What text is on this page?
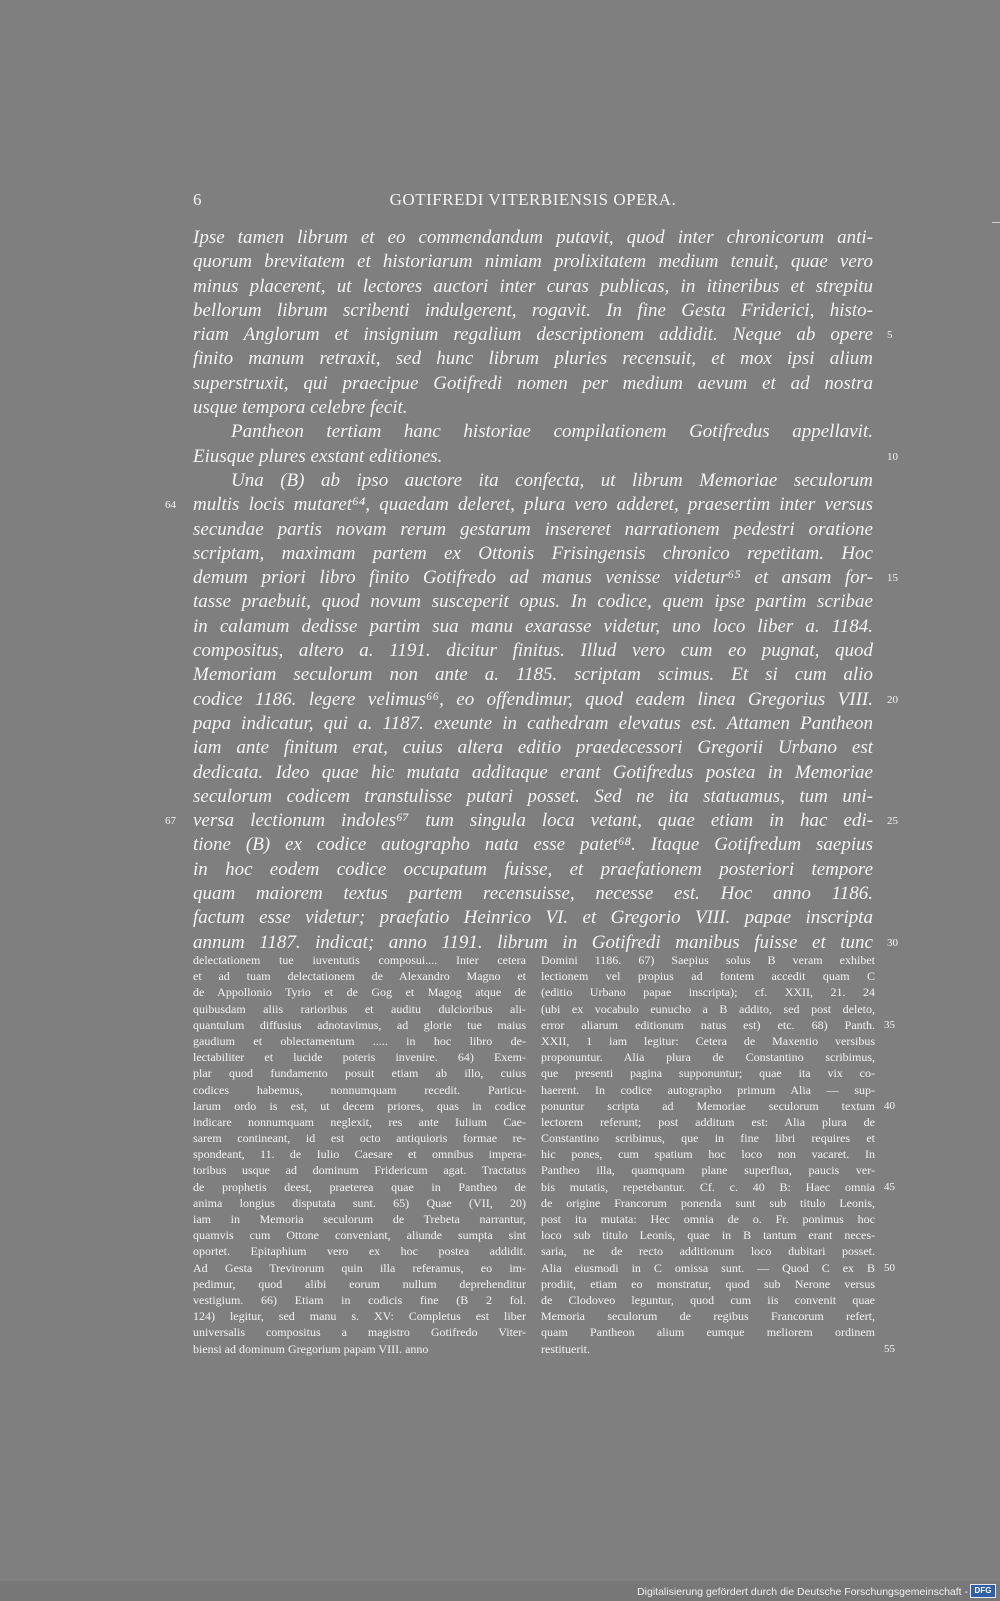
6	GOTIFREDI VITERBIENSIS OPERA.
Ipse tamen librum et eo commendandum putavit, quod inter chronicorum anti-
quorum brevitatem et historiarum nimiam prolixitatem medium tenuit, quae vero
minus placerent, ut lectores auctori inter curas publicas, in itineribus et strepitu
bellorum librum scribenti indulgerent, rogavit. In fine Gesta Friderici, histo-
riam Anglorum et insignium regalium descriptionem addidit. Neque ab opere 5
finito manum retraxit, sed hunc librum pluries recensuit, et mox ipsi alium
superstruxit, qui praecipue Gotifredi nomen per medium aevum et ad nostra
usque tempora celebre fecit.
Pantheon tertiam hanc historiae compilationem Gotifredus appellavit.
Eiusque plures exstant editiones.	10
Una (B) ab ipso auctore ita confecta, ut librum Memoriae seculorum
multis locis mutaret⁶⁴, quaedam deleret, plura vero adderet, praesertim inter versus
64
secundae partis novam rerum gestarum insereret narrationem pedestri oratione
scriptam, maximam partem ex Ottonis Frisingensis chronico repetitam. Hoc
demum priori libro finito Gotifredo ad manus venisse videtur⁶⁵ et ansam for- 15
tasse praebuit, quod novum susceperit opus. In codice, quem ipse partim scribae
in calamum dedisse partim sua manu exarasse videtur, uno loco liber a. 1184.
compositus, altero a. 1191. dicitur finitus. Illud vero cum eo pugnat, quod
Memoriam seculorum non ante a. 1185. scriptam scimus. Et si cum alio
codice 1186. legere velimus⁶⁶, eo offendimur, quod eadem linea Gregorius VIII. 20
papa indicatur, qui a. 1187. exeunte in cathedram elevatus est. Attamen Pantheon
iam ante finitum erat, cuius altera editio praedecessori Gregorii Urbano est
dedicata. Ideo quae hic mutata additaque erant Gotifredus postea in Memoriae
seculorum codicem transtulisse putari posset. Sed ne ita statuamus, tum uni-
versa lectionum indoles⁶⁷ tum singula loca vetant, quae etiam in hac edi- 25
67
tione (B) ex codice autographo nata esse patet⁶⁸. Itaque Gotifredum saepius
in hoc eodem codice occupatum fuisse, et praefationem posteriori tempore
quam maiorem textus partem recensuisse, necesse est. Hoc anno 1186.
factum esse videtur; praefatio Heinrico VI. et Gregorio VIII. papae inscripta
annum 1187. indicat; anno 1191. librum in Gotifredi manibus fuisse et tunc 30
delectationem tue iuventutis composui.... Inter cetera
et ad tuam delectationem de Alexandro Magno et
de Appollonio Tyrio et de Gog et Magog atque de
quibusdam aliis rarioribus et auditu dulcioribus ali-
quantulum diffusius adnotavimus, ad glorie tue maius
gaudium et oblectamentum ..... in hoc libro de-
lectabiliter et lucide poteris invenire. 64) Exem-
plar quod fundamento posuit etiam ab illo, cuius
codices habemus, nonnumquam recedit. Particu-
larum ordo is est, ut decem priores, quas in codice
indicare nonnumquam neglexit, res ante Iulium Cae-
sarem contineant, id est octo antiquioris formae re-
spondeant, 11. de Iulio Caesare et omnibus impera-
toribus usque ad dominum Fridericum agat. Tractatus
de prophetis deest, praeterea quae in Pantheo de
anima longius disputata sunt. 65) Quae (VII, 20)
iam in Memoria seculorum de Trebeta narrantur,
quamvis cum Ottone conveniant, aliunde sumpta sint
oportet. Epitaphium vero ex hoc postea addidit.
Ad Gesta Trevirorum quin illa referamus, eo im-
pedimur, quod alibi eorum nullum deprehenditur
vestigium. 66) Etiam in codicis fine (B 2 fol.
124) legitur, sed manu s. XV: Completus est liber
universalis compositus a magistro Gotifredo Viter-
biensi ad dominum Gregorium papam VIII. anno
Domini 1186. 67) Saepius solus B veram exhibet
lectionem vel propius ad fontem accedit quam C
(editio Urbano papae inscripta); cf. XXII, 21. 24
(ubi ex vocabulo eunucho a B addito, sed post deleto,
error aliarum editionum natus est) etc. 68) Panth.
XXII, 1 iam legitur: Cetera de Maxentio versibus
proponuntur. Alia plura de Constantino scribimus,
que presenti pagina supponuntur; quae ita vix co-
haerent. In codice autographo primum Alia — sup-
ponuntur scripta ad Memoriae seculorum textum
lectorem referunt; post additum est: Alia plura de
Constantino scribimus, que in fine libri requires et
hic pones, cum spatium hoc loco non vacaret. In
Pantheo illa, quamquam plane superflua, paucis ver-
bis mutatis, repetebantur. Cf. c. 40 B: Haec omnia
de origine Francorum ponenda sunt sub titulo Leonis,
post ita mutata: Hec omnia de o. Fr. ponimus hoc
loco sub titulo Leonis, quae in B tantum erant neces-
saria, ne de recto additionum loco dubitari posset.
Alia eiusmodi in C omissa sunt. — Quod C ex B
prodiit, etiam eo monstratur, quod sub Nerone versus
de Clodoveo leguntur, quod cum iis convenit quae
Memoria seculorum de regibus Francorum refert,
quam Pantheon alium eumque meliorem ordinem
restituerit.
35
40
45
50
55
Digitalisierung gefördert durch die Deutsche Forschungsgemeinschaft - DFG
